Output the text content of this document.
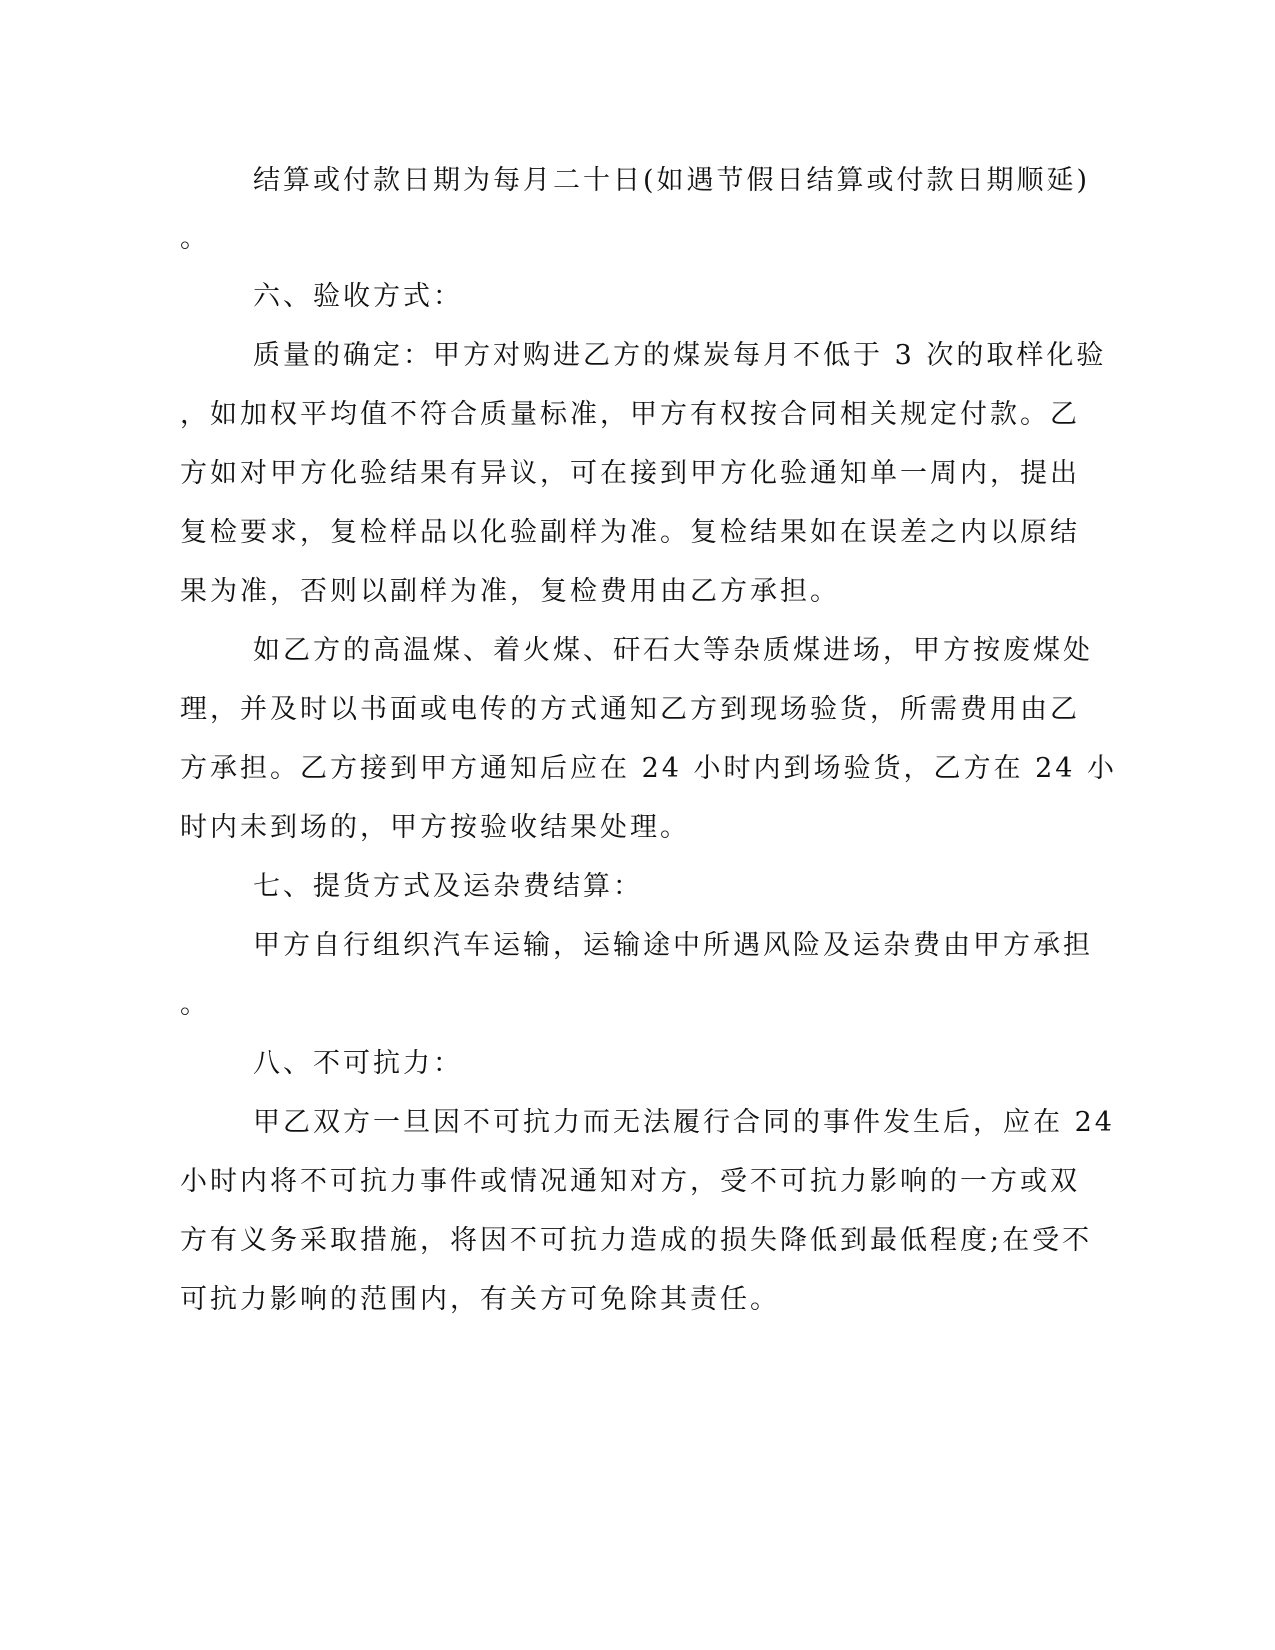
结算或付款日期为每月二十日(如遇节假日结算或付款日期顺延)
。
六、验收方式：
质量的确定：甲方对购进乙方的煤炭每月不低于 3 次的取样化验
，如加权平均值不符合质量标准，甲方有权按合同相关规定付款。乙
方如对甲方化验结果有异议，可在接到甲方化验通知单一周内，提出
复检要求，复检样品以化验副样为准。复检结果如在误差之内以原结
果为准，否则以副样为准，复检费用由乙方承担。
如乙方的高温煤、着火煤、矸石大等杂质煤进场，甲方按废煤处
理，并及时以书面或电传的方式通知乙方到现场验货，所需费用由乙
方承担。乙方接到甲方通知后应在 24 小时内到场验货，乙方在 24 小
时内未到场的，甲方按验收结果处理。
七、提货方式及运杂费结算：
甲方自行组织汽车运输，运输途中所遇风险及运杂费由甲方承担
。
八、不可抗力：
甲乙双方一旦因不可抗力而无法履行合同的事件发生后，应在 24
小时内将不可抗力事件或情况通知对方，受不可抗力影响的一方或双
方有义务采取措施，将因不可抗力造成的损失降低到最低程度;在受不
可抗力影响的范围内，有关方可免除其责任。
